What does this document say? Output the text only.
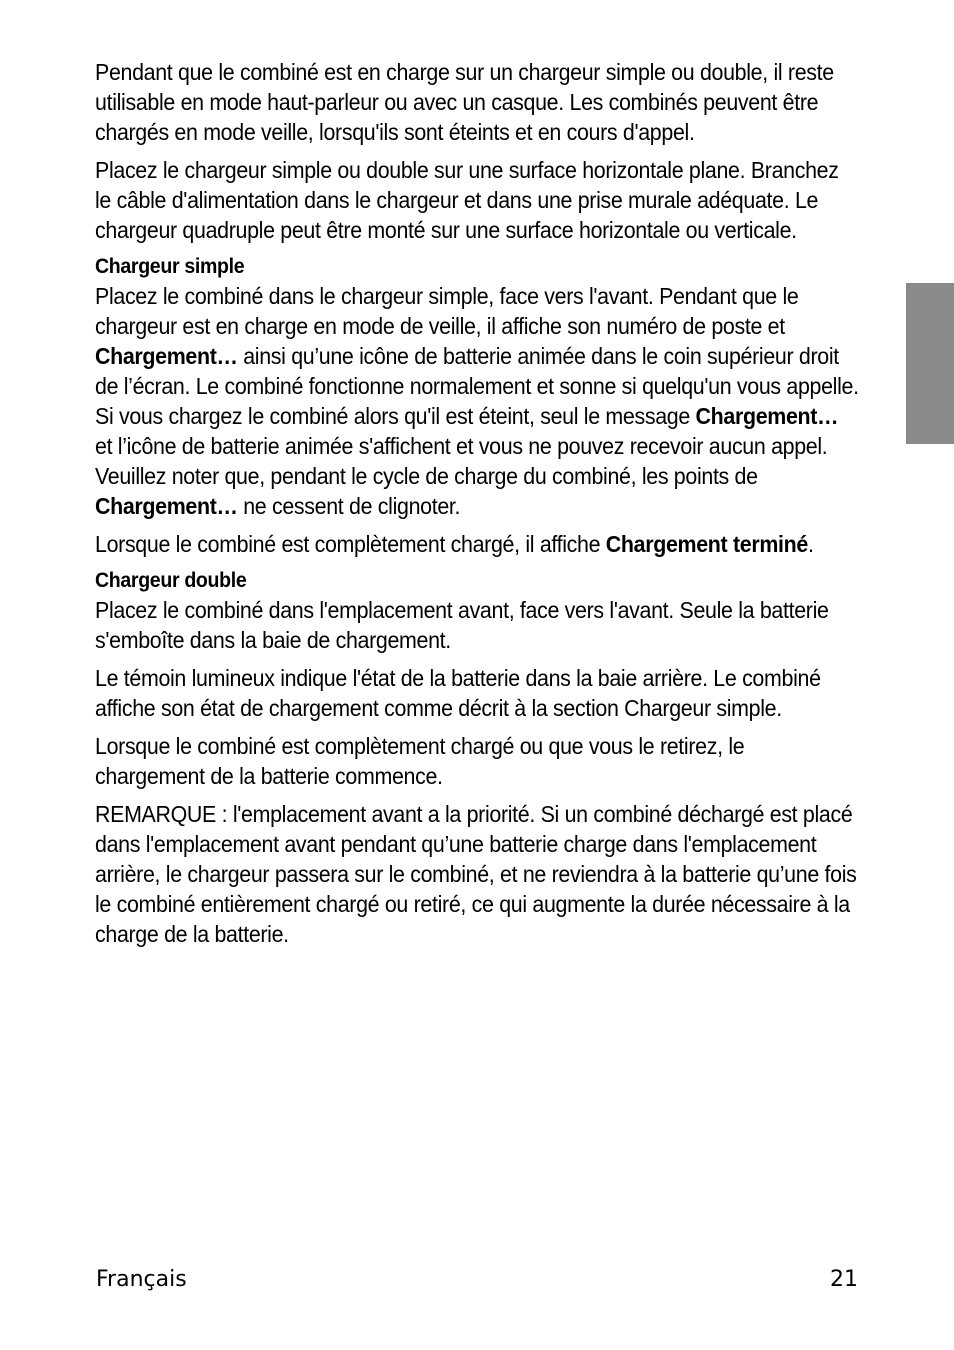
Pendant que le combiné est en charge sur un chargeur simple ou double, il reste utilisable en mode haut-parleur ou avec un casque. Les combinés peuvent être chargés en mode veille, lorsqu'ils sont éteints et en cours d'appel.

Placez le chargeur simple ou double sur une surface horizontale plane. Branchez le câble d'alimentation dans le chargeur et dans une prise murale adéquate. Le chargeur quadruple peut être monté sur une surface horizontale ou verticale.

Chargeur simple

Placez le combiné dans le chargeur simple, face vers l'avant. Pendant que le chargeur est en charge en mode de veille, il affiche son numéro de poste et Chargement… ainsi qu’une icône de batterie animée dans le coin supérieur droit de l’écran. Le combiné fonctionne normalement et sonne si quelqu'un vous appelle. Si vous chargez le combiné alors qu'il est éteint, seul le message Chargement… et l’icône de batterie animée s'affichent et vous ne pouvez recevoir aucun appel. Veuillez noter que, pendant le cycle de charge du combiné, les points de Chargement… ne cessent de clignoter.

Lorsque le combiné est complètement chargé, il affiche Chargement terminé.

Chargeur double

Placez le combiné dans l'emplacement avant, face vers l'avant. Seule la batterie s'emboîte dans la baie de chargement.

Le témoin lumineux indique l'état de la batterie dans la baie arrière. Le combiné affiche son état de chargement comme décrit à la section Chargeur simple.

Lorsque le combiné est complètement chargé ou que vous le retirez, le chargement de la batterie commence.

REMARQUE : l'emplacement avant a la priorité. Si un combiné déchargé est placé dans l'emplacement avant pendant qu’une batterie charge dans l'emplacement arrière, le chargeur passera sur le combiné, et ne reviendra à la batterie qu’une fois le combiné entièrement chargé ou retiré, ce qui augmente la durée nécessaire à la charge de la batterie.

Français	21
